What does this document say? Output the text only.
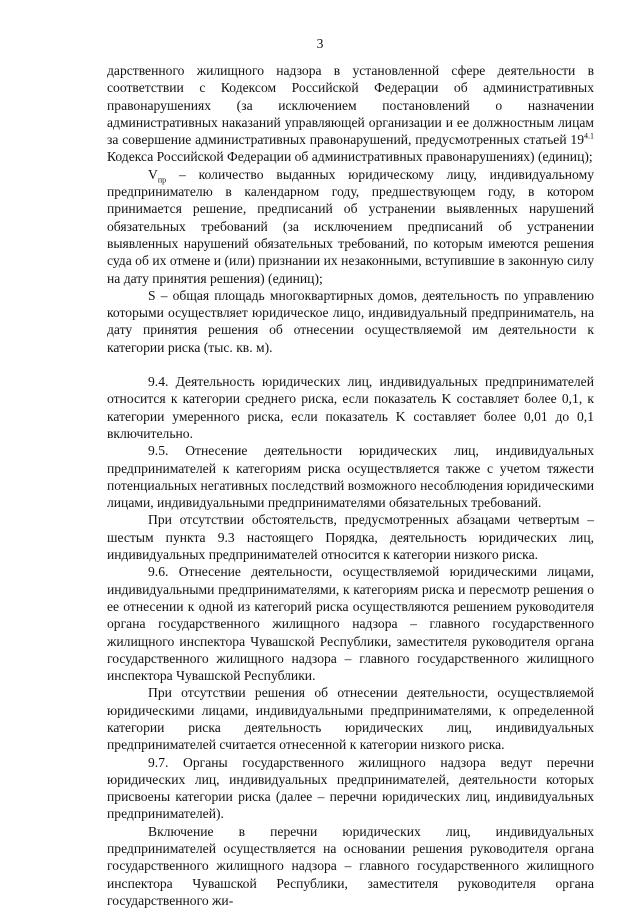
3

дарственного жилищного надзора в установленной сфере деятельности в соответствии с Кодексом Российской Федерации об административных правонарушениях (за исключением постановлений о назначении административных наказаний управляющей организации и ее должностным лицам за совершение административных правонарушений, предусмотренных статьей $19^{4.1}$ Кодекса Российской Федерации об административных правонарушениях) (единиц);

$V_{пр}$ – количество выданных юридическому лицу, индивидуальному предпринимателю в календарном году, предшествующем году, в котором принимается решение, предписаний об устранении выявленных нарушений обязательных требований (за исключением предписаний об устранении выявленных нарушений обязательных требований, по которым имеются решения суда об их отмене и (или) признании их незаконными, вступившие в законную силу на дату принятия решения) (единиц);

S – общая площадь многоквартирных домов, деятельность по управлению которыми осуществляет юридическое лицо, индивидуальный предприниматель, на дату принятия решения об отнесении осуществляемой им деятельности к категории риска (тыс. кв. м).

9.4. Деятельность юридических лиц, индивидуальных предпринимателей относится к категории среднего риска, если показатель K составляет более 0,1, к категории умеренного риска, если показатель K составляет более 0,01 до 0,1 включительно.

9.5. Отнесение деятельности юридических лиц, индивидуальных предпринимателей к категориям риска осуществляется также с учетом тяжести потенциальных негативных последствий возможного несоблюдения юридическими лицами, индивидуальными предпринимателями обязательных требований.

При отсутствии обстоятельств, предусмотренных абзацами четвертым – шестым пункта 9.3 настоящего Порядка, деятельность юридических лиц, индивидуальных предпринимателей относится к категории низкого риска.

9.6. Отнесение деятельности, осуществляемой юридическими лицами, индивидуальными предпринимателями, к категориям риска и пересмотр решения о ее отнесении к одной из категорий риска осуществляются решением руководителя органа государственного жилищного надзора – главного государственного жилищного инспектора Чувашской Республики, заместителя руководителя органа государственного жилищного надзора – главного государственного жилищного инспектора Чувашской Республики.

При отсутствии решения об отнесении деятельности, осуществляемой юридическими лицами, индивидуальными предпринимателями, к определенной категории риска деятельность юридических лиц, индивидуальных предпринимателей считается отнесенной к категории низкого риска.

9.7. Органы государственного жилищного надзора ведут перечни юридических лиц, индивидуальных предпринимателей, деятельности которых присвоены категории риска (далее – перечни юридических лиц, индивидуальных предпринимателей).

Включение в перечни юридических лиц, индивидуальных предпринимателей осуществляется на основании решения руководителя органа государственного жилищного надзора – главного государственного жилищного инспектора Чувашской Республики, заместителя руководителя органа государственного жи-
